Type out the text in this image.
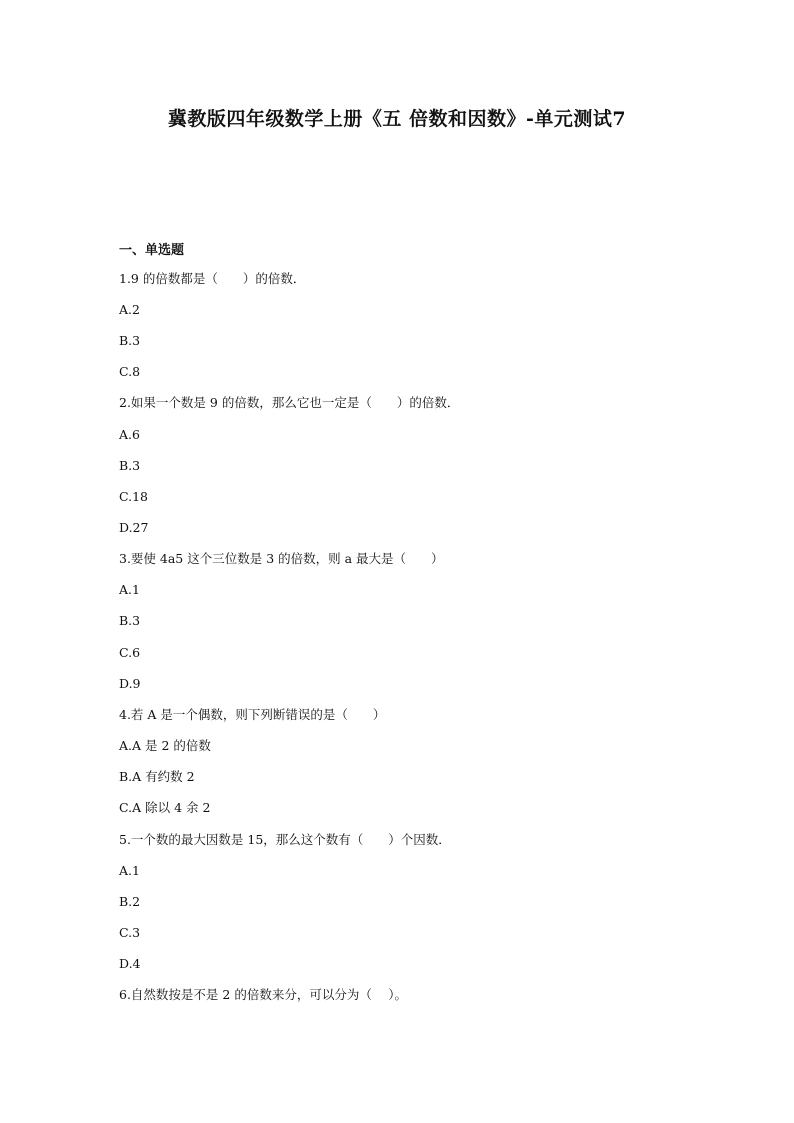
冀教版四年级数学上册《五 倍数和因数》-单元测试7
一、单选题

1.9 的倍数都是（　　）的倍数．

A.2

B.3

C.8

2.如果一个数是 9 的倍数，那么它也一定是（　　）的倍数．

A.6

B.3

C.18

D.27

3.要使 4a5 这个三位数是 3 的倍数，则 a 最大是（　　）

A.1

B.3

C.6

D.9

4.若 A 是一个偶数，则下列断错误的是（　　）

A.A 是 2 的倍数

B.A 有约数 2

C.A 除以 4 余 2

5.一个数的最大因数是 15，那么这个数有（　　）个因数．

A.1

B.2

C.3

D.4

6.自然数按是不是 2 的倍数来分，可以分为（　 ）。
